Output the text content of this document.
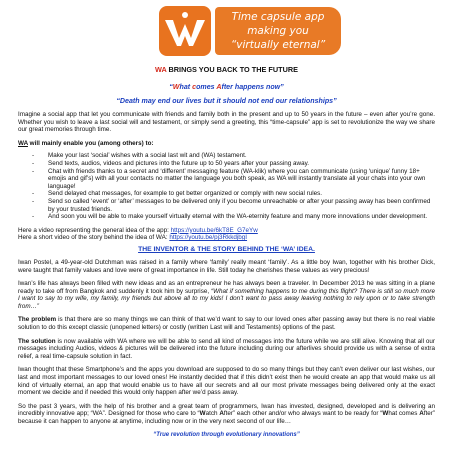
Time capsule app
making you
“virtually eternal”
WA BRINGS YOU BACK TO THE FUTURE
“What comes After happens now”
“Death may end our lives but it should not end our relationships”

Imagine a social app that let you communicate with friends and family both in the present and up to 50 years in the future – even after you’re gone. Whether you wish to leave a last social will and testament, or simply send a greeting, this “time-capsule” app is set to revolutionize the way we share our great memories through time.

WA will mainly enable you (among others) to:

- Make your last ‘social’ wishes with a social last wit and (WA) testament.
- Send texts, audios, videos and pictures into the future up to 50 years after your passing away.
- Chat with friends thanks to a secret and ‘different’ messaging feature (WA-klik) where you can communicate (using ‘unique’ funny 18+ emojis and gif’s) with all your contacts no matter the language you both speak, as WA will instantly translate all your chats into your own language!
- Send delayed chat messages, for example to get better organized or comply with new social rules.
- Send so called ‘event’ or ‘after’ messages to be delivered only if you become unreachable or after your passing away has been confirmed by your trusted friends.
- And soon you will be able to make yourself virtually eternal with the WA-eternity feature and many more innovations under development.

Here a video representing the general idea of the app: https://youtu.be/6kT8E_G7eYw

Here a short video of the story behind the idea of WA: https://youtu.be/pj3RkkdjbgI

THE INVENTOR & THE STORY BEHIND THE ‘WA’ IDEA.

Iwan Postel, a 49-year-old Dutchman was raised in a family where ‘family’ really meant ‘family’. As a little boy Iwan, together with his brother Dick, were taught that family values and love were of great importance in life. Still today he cherishes these values as very precious!

Iwan’s life has always been filled with new ideas and as an entrepreneur he has always been a traveler. In December 2013 he was sitting in a plane ready to take off from Bangkok and suddenly it took him by surprise, “What if something happens to me during this flight? There is still so much more I want to say to my wife, my family, my friends but above all to my kids! I don’t want to pass away leaving nothing to rely upon or to take strength from…”

The problem is that there are so many things we can think of that we’d want to say to our loved ones after passing away but there is no real viable solution to do this except classic (unopened letters) or costly (written Last will and Testaments) options of the past.

The solution is now available with WA where we will be able to send all kind of messages into the future while we are still alive. Knowing that all our messages including Audios, videos & pictures will be delivered into the future including during our afterlives should provide us with a sense of extra relief, a real time-capsule solution in fact.

Iwan thought that these Smartphone’s and the apps you download are supposed to do so many things but they can’t even deliver our last wishes, our last and most important messages to our loved ones! He instantly decided that if this didn’t exist then he would create an app that would make us all kind of virtually eternal, an app that would enable us to have all our secrets and all our most private messages being delivered only at the exact moment we decide and if needed this would only happen after we’d pass away.

So the past 3 years, with the help of his brother and a great team of programmers, Iwan has invested, designed, developed and is delivering an incredibly innovative app; “WA”. Designed for those who care to “Watch After” each other and/or who always want to be ready for “What comes After” because it can happen to anyone at anytime, including now or in the very next second of our life…

“True revolution through evolutionary innovations”
